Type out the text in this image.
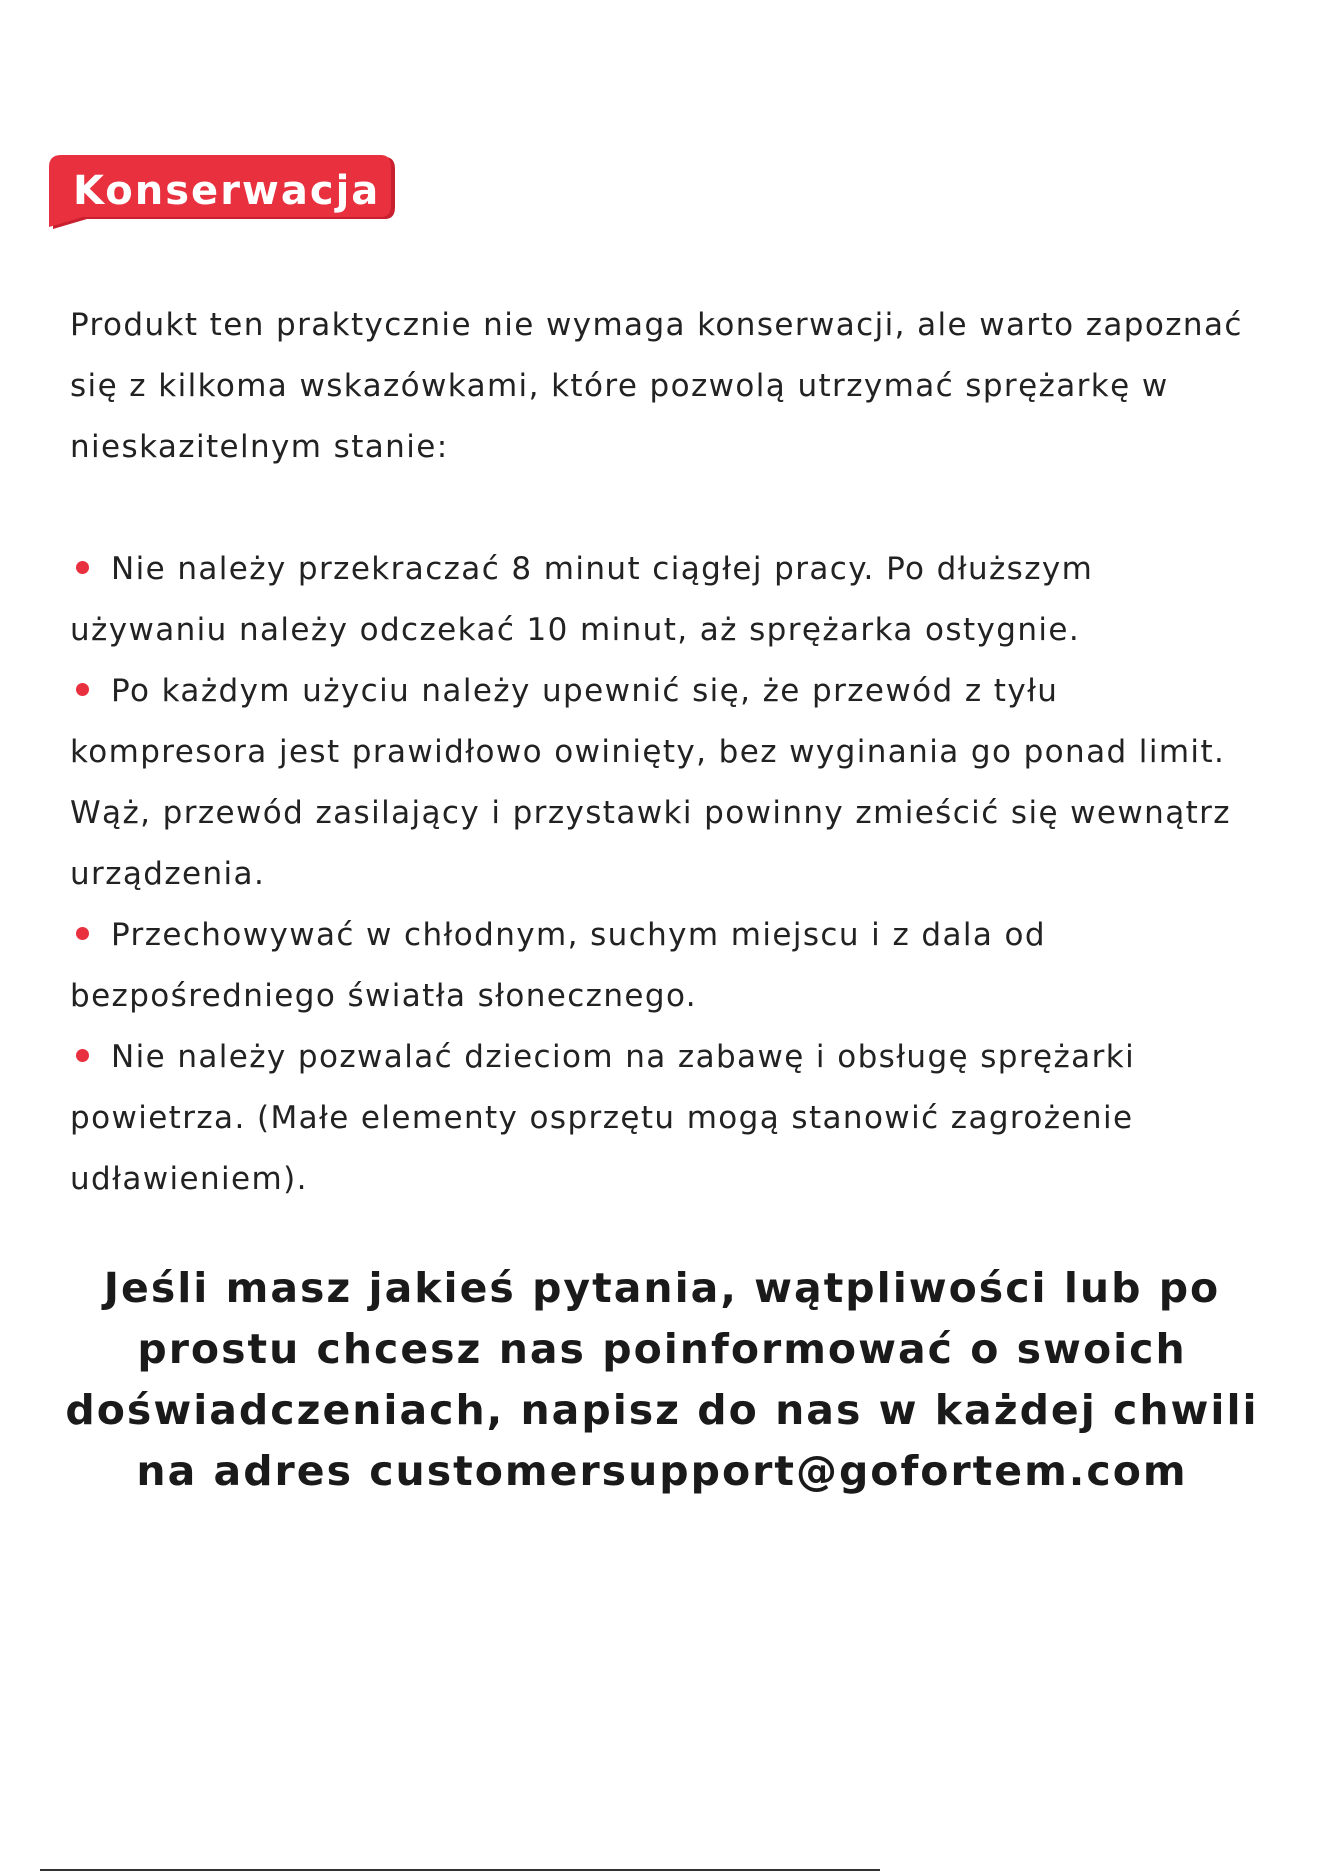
Konserwacja

Produkt ten praktycznie nie wymaga konserwacji, ale warto zapoznać się z kilkoma wskazówkami, które pozwolą utrzymać sprężarkę w nieskazitelnym stanie:

Nie należy przekraczać 8 minut ciągłej pracy. Po dłuższym używaniu należy odczekać 10 minut, aż sprężarka ostygnie.

Po każdym użyciu należy upewnić się, że przewód z tyłu kompresora jest prawidłowo owinięty, bez wyginania go ponad limit. Wąż, przewód zasilający i przystawki powinny zmieścić się wewnątrz urządzenia.

Przechowywać w chłodnym, suchym miejscu i z dala od bezpośredniego światła słonecznego.

Nie należy pozwalać dzieciom na zabawę i obsługę sprężarki powietrza. (Małe elementy osprzętu mogą stanowić zagrożenie udławieniem).

Jeśli masz jakieś pytania, wątpliwości lub po prostu chcesz nas poinformować o swoich doświadczeniach, napisz do nas w każdej chwili na adres customersupport@gofortem.com
